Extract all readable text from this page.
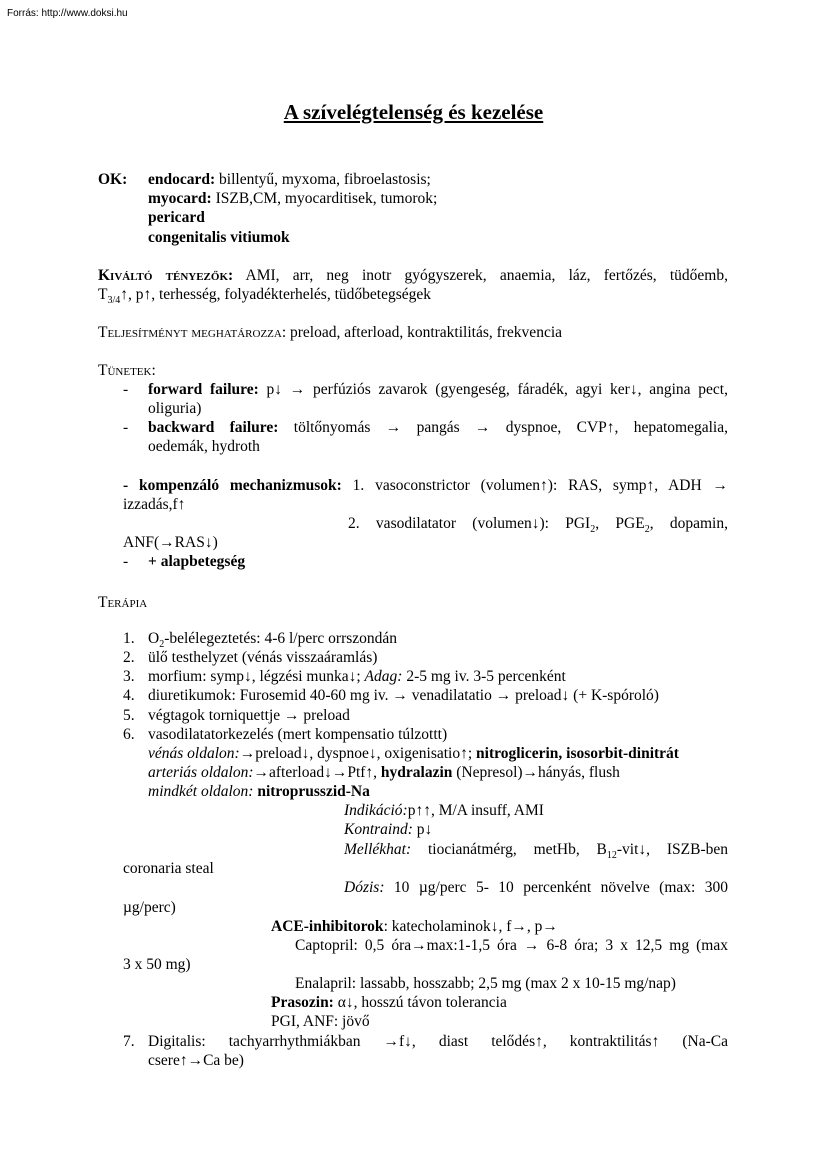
Forrás: http://www.doksi.hu
A szívelégtelenség és kezelése
OK: endocard: billentyű, myxoma, fibroelastosis;
myocard: ISZB,CM, myocarditisek, tumorok;
pericard
congenitalis vitiumok
Kiváltó tényezők: AMI, arr, neg inotr gyógyszerek, anaemia, láz, fertőzés, tüdőemb,
$T_{3/4}↑$, p↑, terhesség, folyadékterhelés, tüdőbetegségek
Teljesítményt meghatározza: preload, afterload, kontraktilitás, frekvencia
Tünetek:
- forward failure: p↓ → perfúziós zavarok (gyengeség, fáradék, agyi ker↓, angina pect,
oliguria)
- backward failure: töltőnyomás → pangás → dyspnoe, CVP↑, hepatomegalia,
oedemák, hydroth
- kompenzáló mechanizmusok: 1. vasoconstrictor (volumen↑): RAS, symp↑, ADH →
izzadás,f↑
2. vasodilatator (volumen↓): $PGI_2$, $PGE_2$, dopamin,
ANF(→RAS↓)
- + alapbetegség
Terápia
1. $O_2$-belélegeztetés: 4-6 l/perc orrszondán
2. ülő testhelyzet (vénás visszaáramlás)
3. morfium: symp↓, légzési munka↓; Adag: 2-5 mg iv. 3-5 percenként
4. diuretikumok: Furosemid 40-60 mg iv. → venadilatatio → preload↓ (+ K-spóroló)
5. végtagok torniquettje → preload
6. vasodilatatorkezelés (mert kompensatio túlzottt)
vénás oldalon:→preload↓, dyspnoe↓, oxigenisatio↑; nitroglicerin, isosorbit-dinitrát
arteriás oldalon:→afterload↓→Ptf↑, hydralazin (Nepresol)→hányás, flush
mindkét oldalon: nitroprusszid-Na
Indikáció:p↑↑, M/A insuff, AMI
Kontraind: p↓
Mellékhat: tiocianátmérg, metHb, $B_{12}-vit↓$, ISZB-ben
coronaria steal
Dózis: 10 µg/perc 5- 10 percenként növelve (max: 300
µg/perc)
ACE-inhibitorok: katecholaminok↓, f→, p→
Captopril: 0,5 óra→max:1-1,5 óra → 6-8 óra; 3 x 12,5 mg (max
3 x 50 mg)
Enalapril: lassabb, hosszabb; 2,5 mg (max 2 x 10-15 mg/nap)
Prasozin: α↓, hosszú távon tolerancia
PGI, ANF: jövő
7. Digitalis: tachyarrhythmiákban →f↓, diast telődés↑, kontraktilitás↑ (Na-Ca
csere↑→Ca be)
